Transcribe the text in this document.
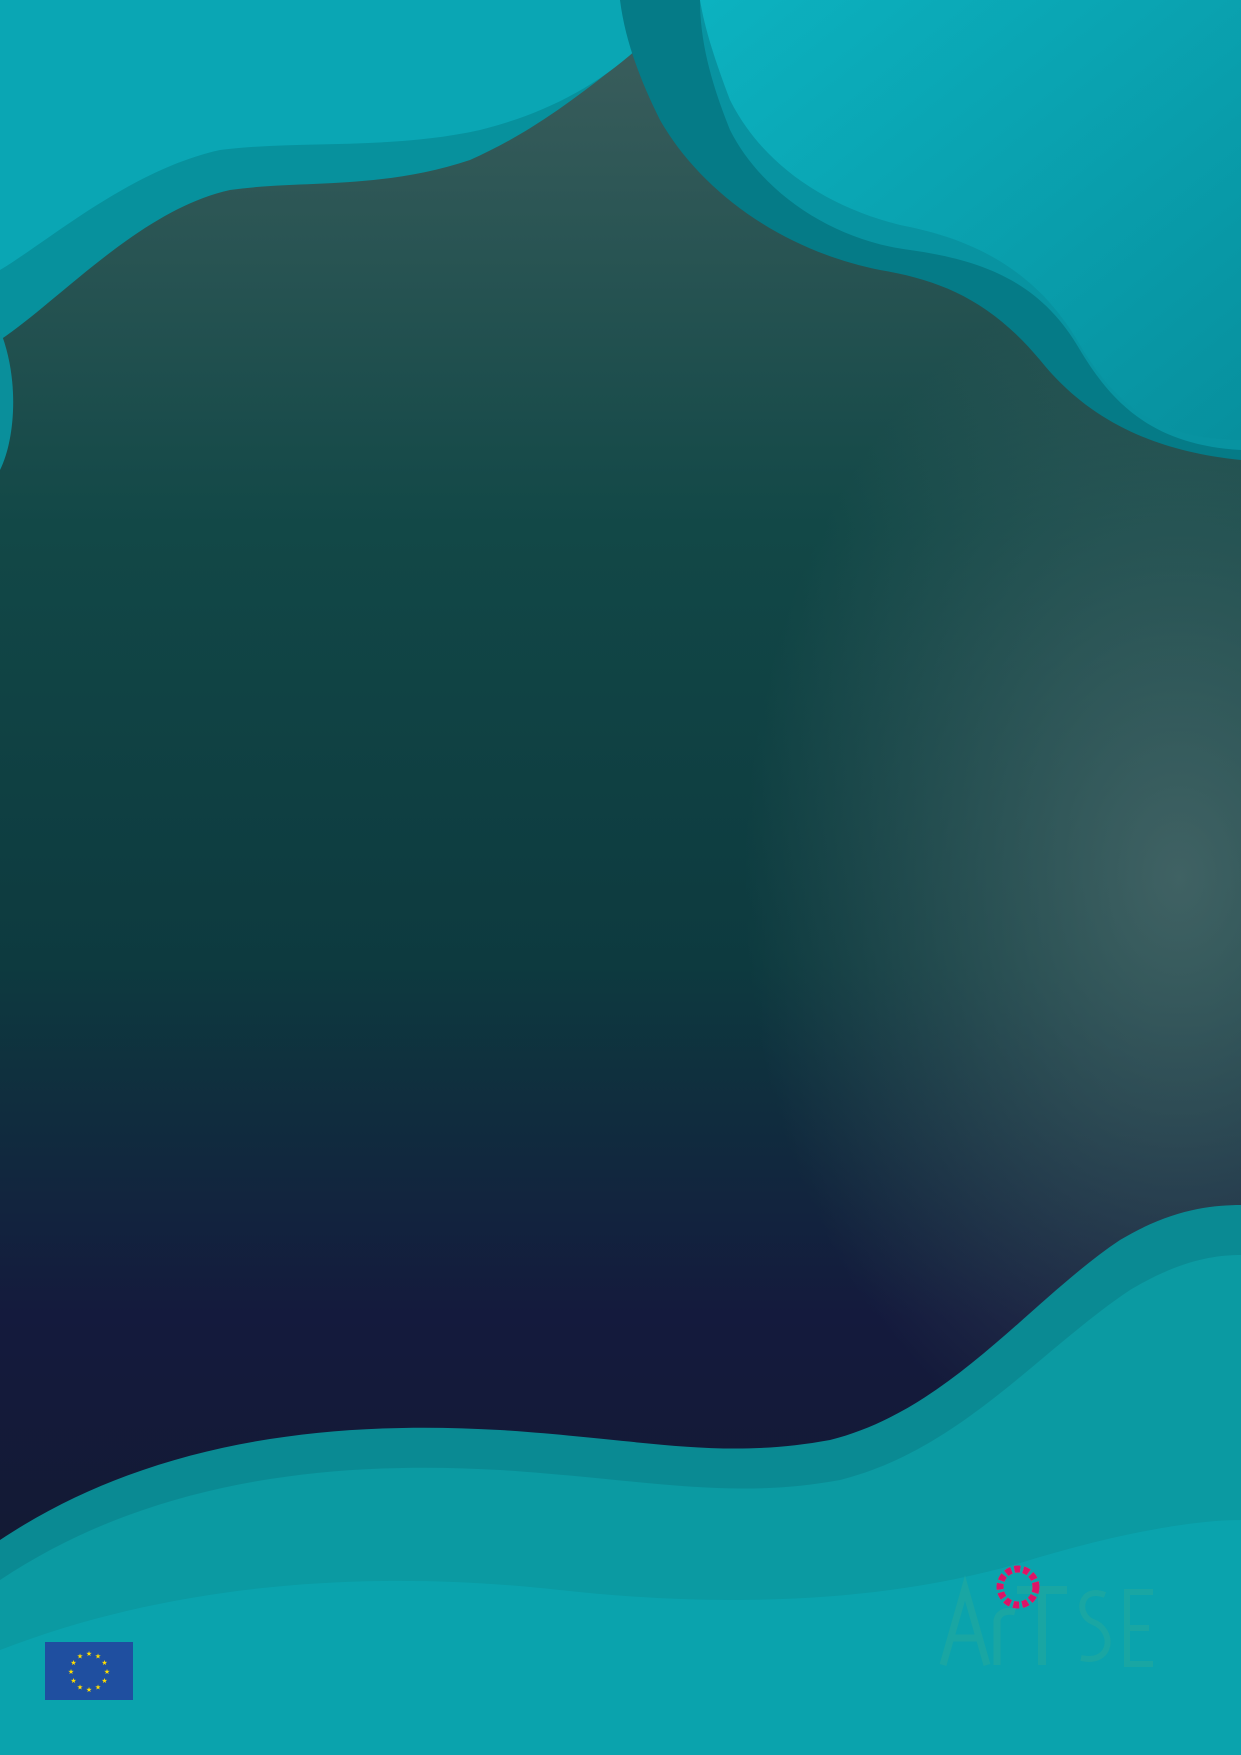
★ ★
★
★
★
★
★
★
★
★
★
★
